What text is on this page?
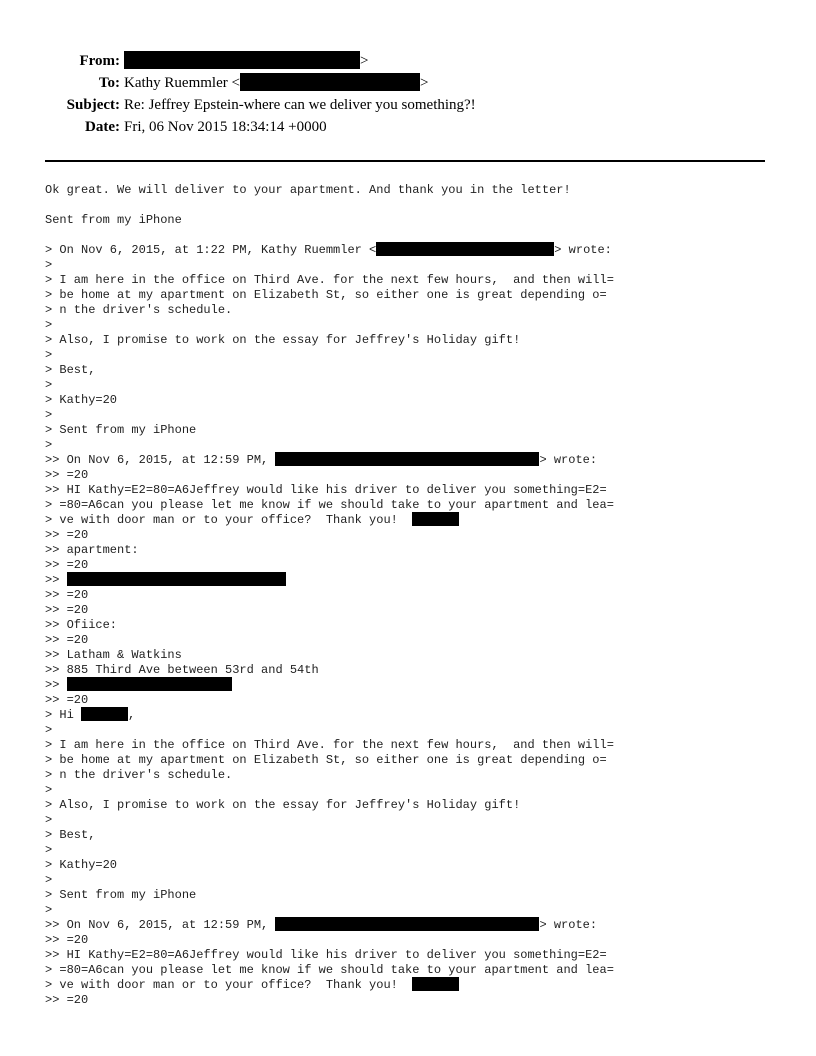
From:	>
To: Kathy Ruemmler <	>
Subject: Re: Jeffrey Epstein-where can we deliver you something?!
Date: Fri, 06 Nov 2015 18:34:14 +0000
Ok great. We will deliver to your apartment. And thank you in the letter!
Sent from my iPhone
> On Nov 6, 2015, at 1:22 PM, Kathy Ruemmler <	> wrote:
>
> I am here in the office on Third Ave. for the next few hours,  and then will=
> be home at my apartment on Elizabeth St, so either one is great depending o=
> n the driver's schedule.
>
> Also, I promise to work on the essay for Jeffrey's Holiday gift!
>
> Best,
>
> Kathy=20
>
> Sent from my iPhone
>
>> On Nov 6, 2015, at 12:59 PM,	> wrote:
>> =20
>> HI Kathy=E2=80=A6Jeffrey would like his driver to deliver you something=E2=
> =80=A6can you please let me know if we should take to your apartment and lea=
> ve with door man or to your office?  Thank you!
>> =20
>> apartment:
>> =20
>>
>> =20
>> =20
>> Ofiice:
>> =20
>> Latham & Watkins
>> 885 Third Ave between 53rd and 54th
>>
>> =20
> Hi	,
>
> I am here in the office on Third Ave. for the next few hours,  and then will=
> be home at my apartment on Elizabeth St, so either one is great depending o=
> n the driver's schedule.
>
> Also, I promise to work on the essay for Jeffrey's Holiday gift!
>
> Best,
>
> Kathy=20
>
> Sent from my iPhone
>
>> On Nov 6, 2015, at 12:59 PM,	> wrote:
>> =20
>> HI Kathy=E2=80=A6Jeffrey would like his driver to deliver you something=E2=
> =80=A6can you please let me know if we should take to your apartment and lea=
> ve with door man or to your office?  Thank you!
>> =20
